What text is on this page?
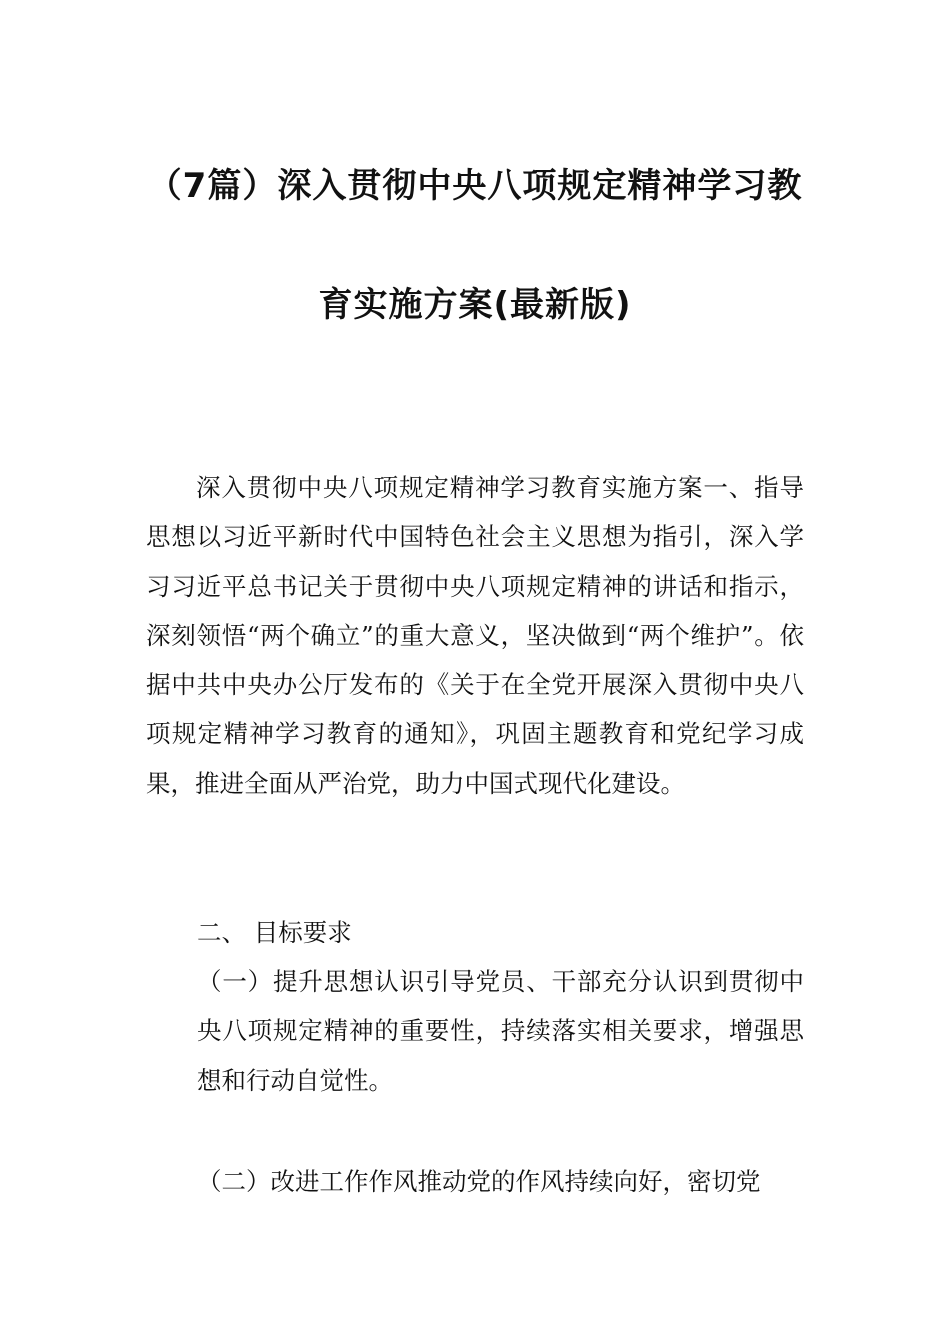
（7篇）深入贯彻中央八项规定精神学习教
育实施方案(最新版)

深入贯彻中央八项规定精神学习教育实施方案一、指导思想以习近平新时代中国特色社会主义思想为指引，深入学习习近平总书记关于贯彻中央八项规定精神的讲话和指示，深刻领悟“两个确立”的重大意义，坚决做到“两个维护”。依据中共中央办公厅发布的《关于在全党开展深入贯彻中央八项规定精神学习教育的通知》，巩固主题教育和党纪学习成果，推进全面从严治党，助力中国式现代化建设。

二、 目标要求

（一）提升思想认识引导党员、干部充分认识到贯彻中央八项规定精神的重要性，持续落实相关要求，增强思想和行动自觉性。

（二）改进工作作风推动党的作风持续向好，密切党
